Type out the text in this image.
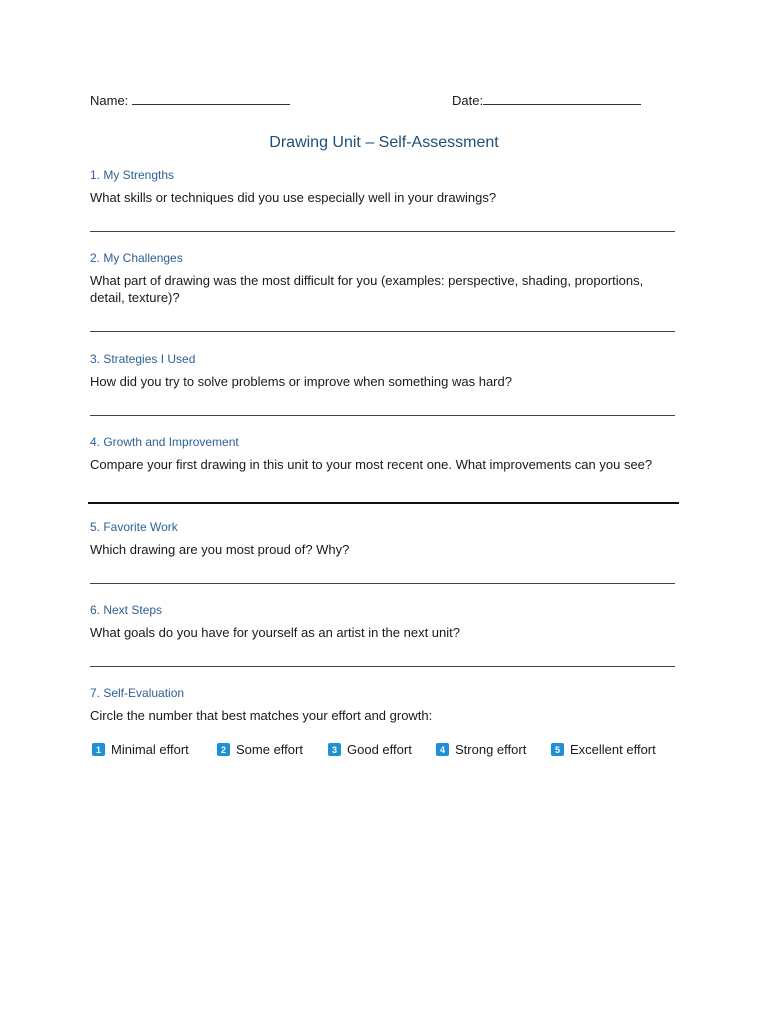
Name:	Date:
Drawing Unit – Self-Assessment
1. My Strengths
What skills or techniques did you use especially well in your drawings?
2. My Challenges
What part of drawing was the most difficult for you (examples: perspective, shading, proportions, detail, texture)?
3. Strategies I Used
How did you try to solve problems or improve when something was hard?
4. Growth and Improvement
Compare your first drawing in this unit to your most recent one. What improvements can you see?
5. Favorite Work
Which drawing are you most proud of? Why?
6. Next Steps
What goals do you have for yourself as an artist in the next unit?
7. Self-Evaluation
Circle the number that best matches your effort and growth:
1 Minimal effort	2 Some effort	3 Good effort	4 Strong effort	5 Excellent effort
